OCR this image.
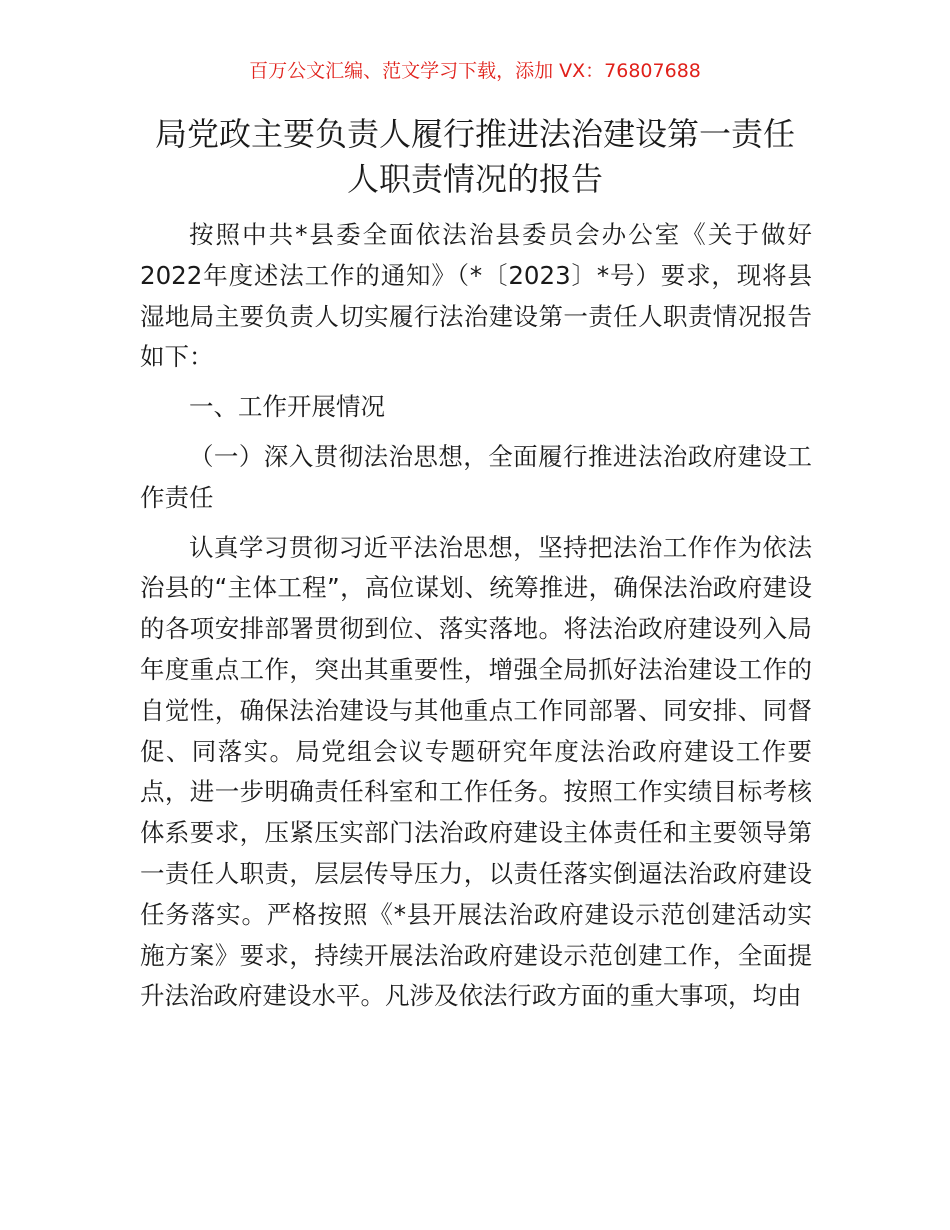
百万公文汇编、范文学习下载，添加 VX：76807688
局党政主要负责人履行推进法治建设第一责任
人职责情况的报告

按照中共*县委全面依法治县委员会办公室《关于做好2022年度述法工作的通知》（*〔2023〕*号）要求，现将县湿地局主要负责人切实履行法治建设第一责任人职责情况报告如下：

一、工作开展情况

（一）深入贯彻法治思想，全面履行推进法治政府建设工作责任

认真学习贯彻习近平法治思想，坚持把法治工作作为依法治县的“主体工程”，高位谋划、统筹推进，确保法治政府建设的各项安排部署贯彻到位、落实落地。将法治政府建设列入局年度重点工作，突出其重要性，增强全局抓好法治建设工作的自觉性，确保法治建设与其他重点工作同部署、同安排、同督促、同落实。局党组会议专题研究年度法治政府建设工作要点，进一步明确责任科室和工作任务。按照工作实绩目标考核体系要求，压紧压实部门法治政府建设主体责任和主要领导第一责任人职责，层层传导压力，以责任落实倒逼法治政府建设任务落实。严格按照《*县开展法治政府建设示范创建活动实施方案》要求，持续开展法治政府建设示范创建工作，全面提升法治政府建设水平。凡涉及依法行政方面的重大事项，均由
